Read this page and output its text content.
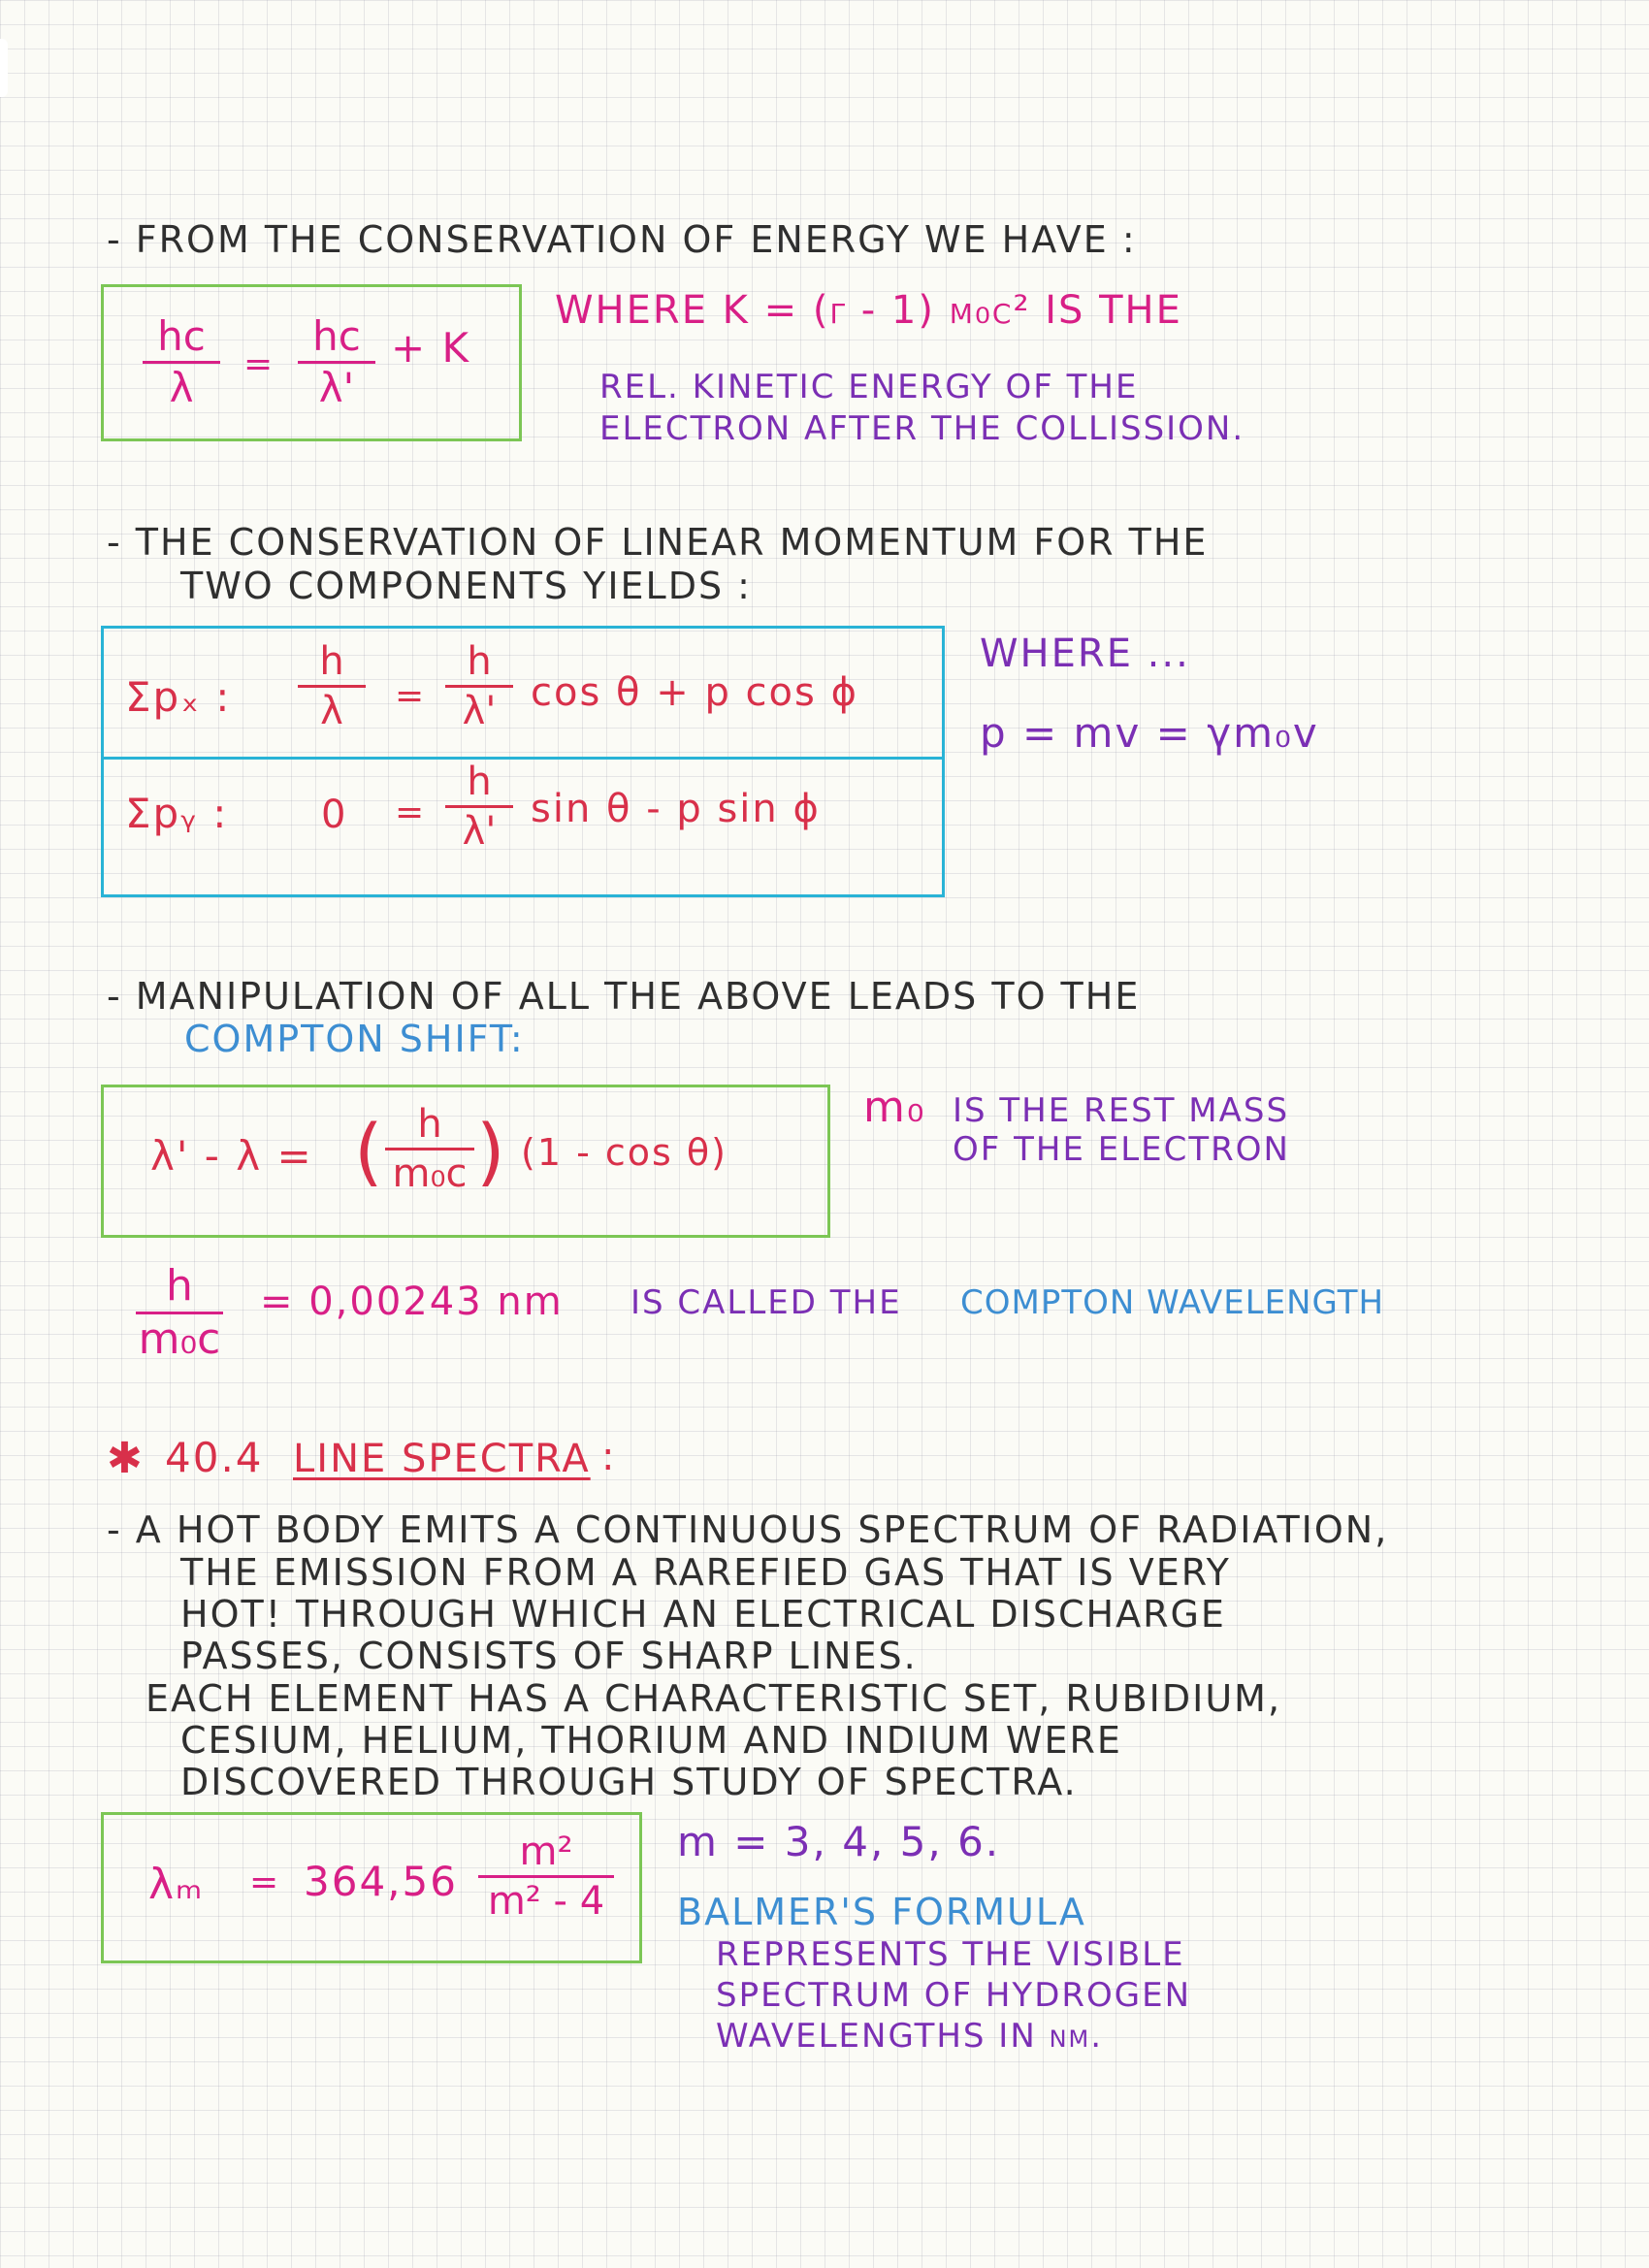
- FROM THE CONSERVATION OF ENERGY WE HAVE :
hc
λ	=
hc
λ'
+ K
WHERE K = (γ - 1) m₀c² IS THE
REL. KINETIC ENERGY OF THE
ELECTRON AFTER THE COLLISSION.
- THE CONSERVATION OF LINEAR MOMENTUM FOR THE
TWO COMPONENTS YIELDS :
Σpₓ :
h
λ	=
h
λ' cos θ + p cos ϕ
Σpᵧ : 0 =
h
λ' sin θ - p sin ϕ
WHERE ...
p = mv = γm₀v
- MANIPULATION OF ALL THE ABOVE LEADS TO THE
COMPTON SHIFT:
λ' - λ = ( h
m₀c ) (1 - cos θ)
m₀ IS THE REST MASS
OF THE ELECTRON
h
m₀c
= 0,00243 nm IS CALLED THE COMPTON WAVELENGTH
✱ 40.4 LINE SPECTRA :
- A HOT BODY EMITS A CONTINUOUS SPECTRUM OF RADIATION,
THE EMISSION FROM A RAREFIED GAS THAT IS VERY
HOT! THROUGH WHICH AN ELECTRICAL DISCHARGE
PASSES, CONSISTS OF SHARP LINES.
EACH ELEMENT HAS A CHARACTERISTIC SET, RUBIDIUM,
CESIUM, HELIUM, THORIUM AND INDIUM WERE
DISCOVERED THROUGH STUDY OF SPECTRA.
λₘ = 364,56
m²
m² - 4
m = 3, 4, 5, 6.
BALMER'S FORMULA
REPRESENTS THE VISIBLE
SPECTRUM OF HYDROGEN
WAVELENGTHS IN nm.
